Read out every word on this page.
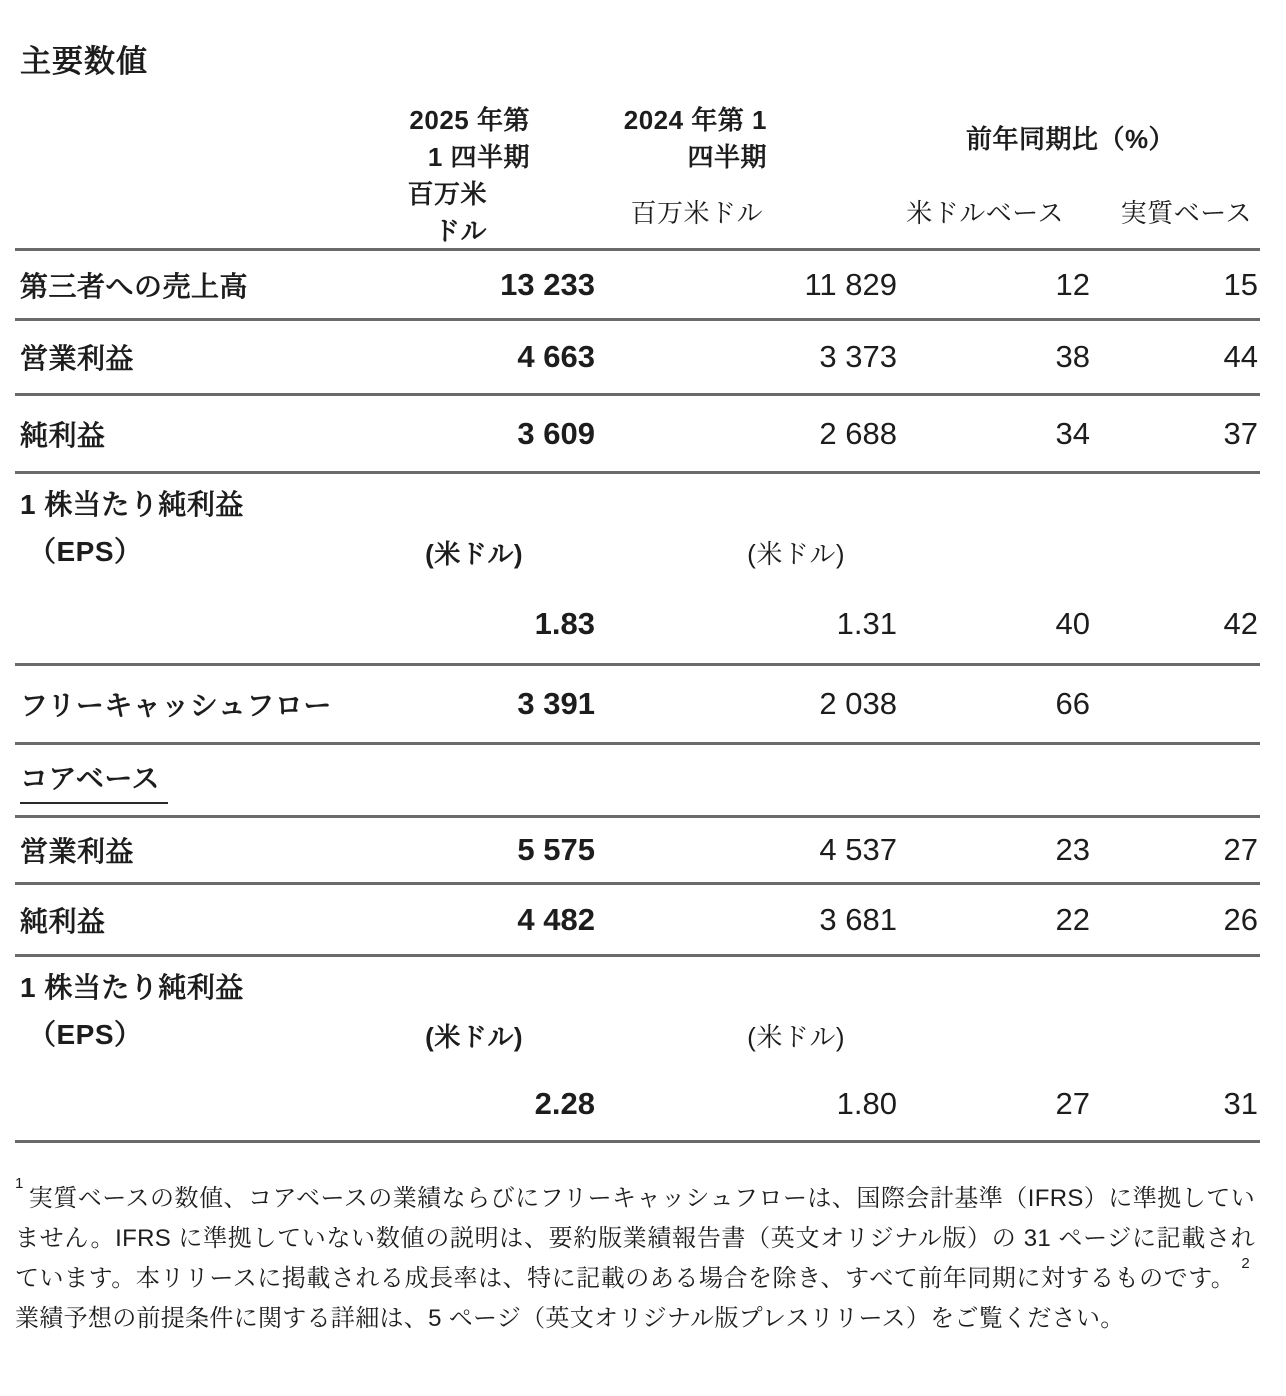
主要数値
	2025 年第 1 四半期	2024 年第 1 四半期	前年同期比（%）	
	百万米ドル	百万米ドル	米ドルベース	実質ベース
第三者への売上高	13 233	11 829	12	15
営業利益	4 663	3 373	38	44
純利益	3 609	2 688	34	37

1 株当たり純利益
（EPS）	(米ドル)	(米ドル)		
	1.83	1.31	40	42
フリーキャッシュフロー	3 391	2 038	66	
コアベース				
営業利益	5 575	4 537	23	27
純利益	4 482	3 681	22	26

1 株当たり純利益
（EPS）	(米ドル)	(米ドル)		
	2.28	1.80	27	31

$^1$実質ベースの数値、コアベースの業績ならびにフリーキャッシュフローは、国際会計基準（IFRS）に準拠していません。IFRS に準拠していない数値の説明は、要約版業績報告書（英文オリジナル版）の 31 ページに記載されています。本リリースに掲載される成長率は、特に記載のある場合を除き、すべて前年同期に対するものです。$^2$業績予想の前提条件に関する詳細は、5 ページ（英文オリジナル版プレスリリース）をご覧ください。
